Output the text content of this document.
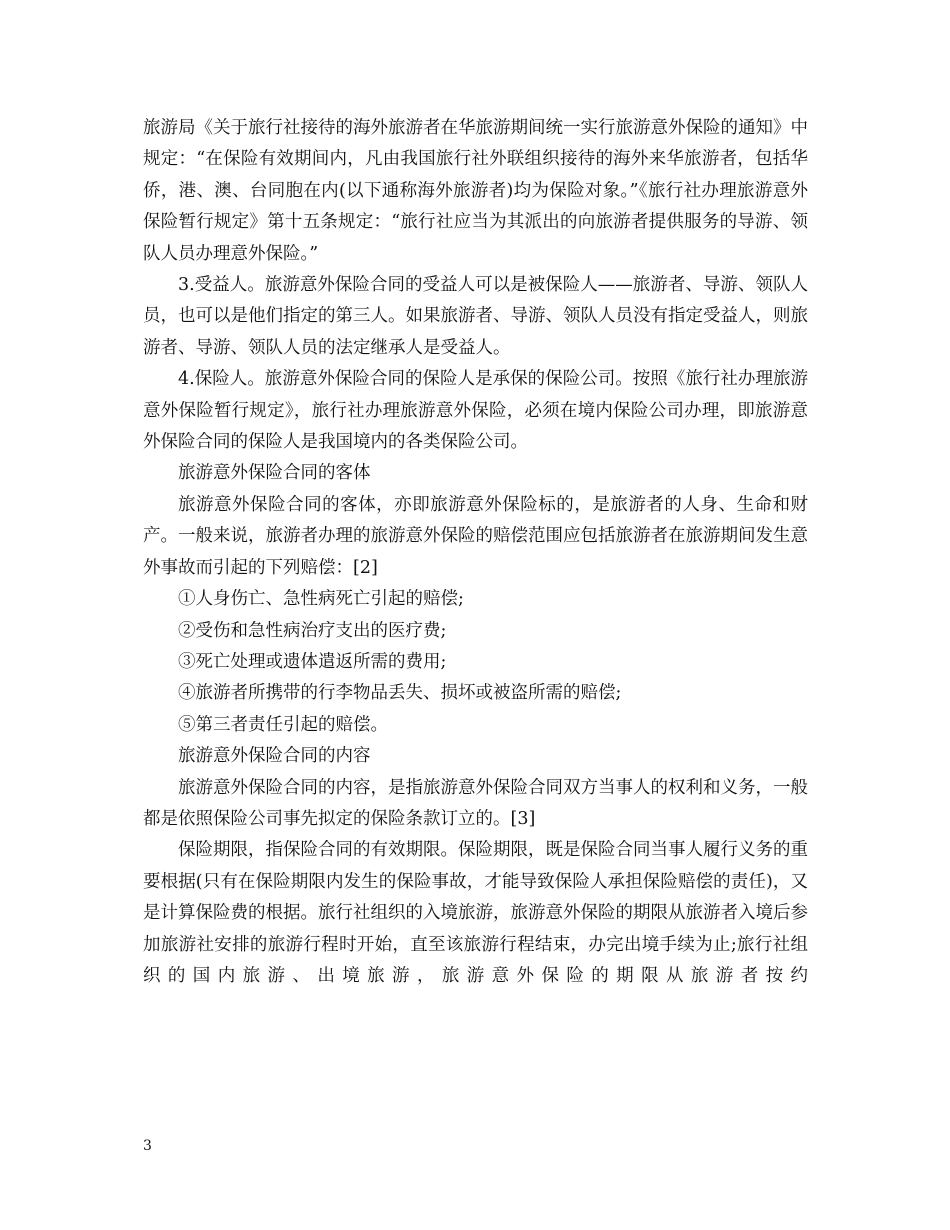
旅游局《关于旅行社接待的海外旅游者在华旅游期间统一实行旅游意外保险的通知》中规定：“在保险有效期间内，凡由我国旅行社外联组织接待的海外来华旅游者，包括华侨，港、澳、台同胞在内(以下通称海外旅游者)均为保险对象。”《旅行社办理旅游意外保险暂行规定》第十五条规定：“旅行社应当为其派出的向旅游者提供服务的导游、领队人员办理意外保险。”

3.受益人。旅游意外保险合同的受益人可以是被保险人——旅游者、导游、领队人员，也可以是他们指定的第三人。如果旅游者、导游、领队人员没有指定受益人，则旅游者、导游、领队人员的法定继承人是受益人。

4.保险人。旅游意外保险合同的保险人是承保的保险公司。按照《旅行社办理旅游意外保险暂行规定》，旅行社办理旅游意外保险，必须在境内保险公司办理，即旅游意外保险合同的保险人是我国境内的各类保险公司。

旅游意外保险合同的客体

旅游意外保险合同的客体，亦即旅游意外保险标的，是旅游者的人身、生命和财产。一般来说，旅游者办理的旅游意外保险的赔偿范围应包括旅游者在旅游期间发生意外事故而引起的下列赔偿：[2]

①人身伤亡、急性病死亡引起的赔偿;

②受伤和急性病治疗支出的医疗费;

③死亡处理或遗体遣返所需的费用;

④旅游者所携带的行李物品丢失、损坏或被盗所需的赔偿;

⑤第三者责任引起的赔偿。

旅游意外保险合同的内容

旅游意外保险合同的内容，是指旅游意外保险合同双方当事人的权利和义务，一般都是依照保险公司事先拟定的保险条款订立的。[3]

保险期限，指保险合同的有效期限。保险期限，既是保险合同当事人履行义务的重要根据(只有在保险期限内发生的保险事故，才能导致保险人承担保险赔偿的责任)，又是计算保险费的根据。旅行社组织的入境旅游，旅游意外保险的期限从旅游者入境后参加旅游社安排的旅游行程时开始，直至该旅游行程结束，办完出境手续为止;旅行社组织的国内旅游、出境旅游，旅游意外保险的期限从旅游者按约

3
